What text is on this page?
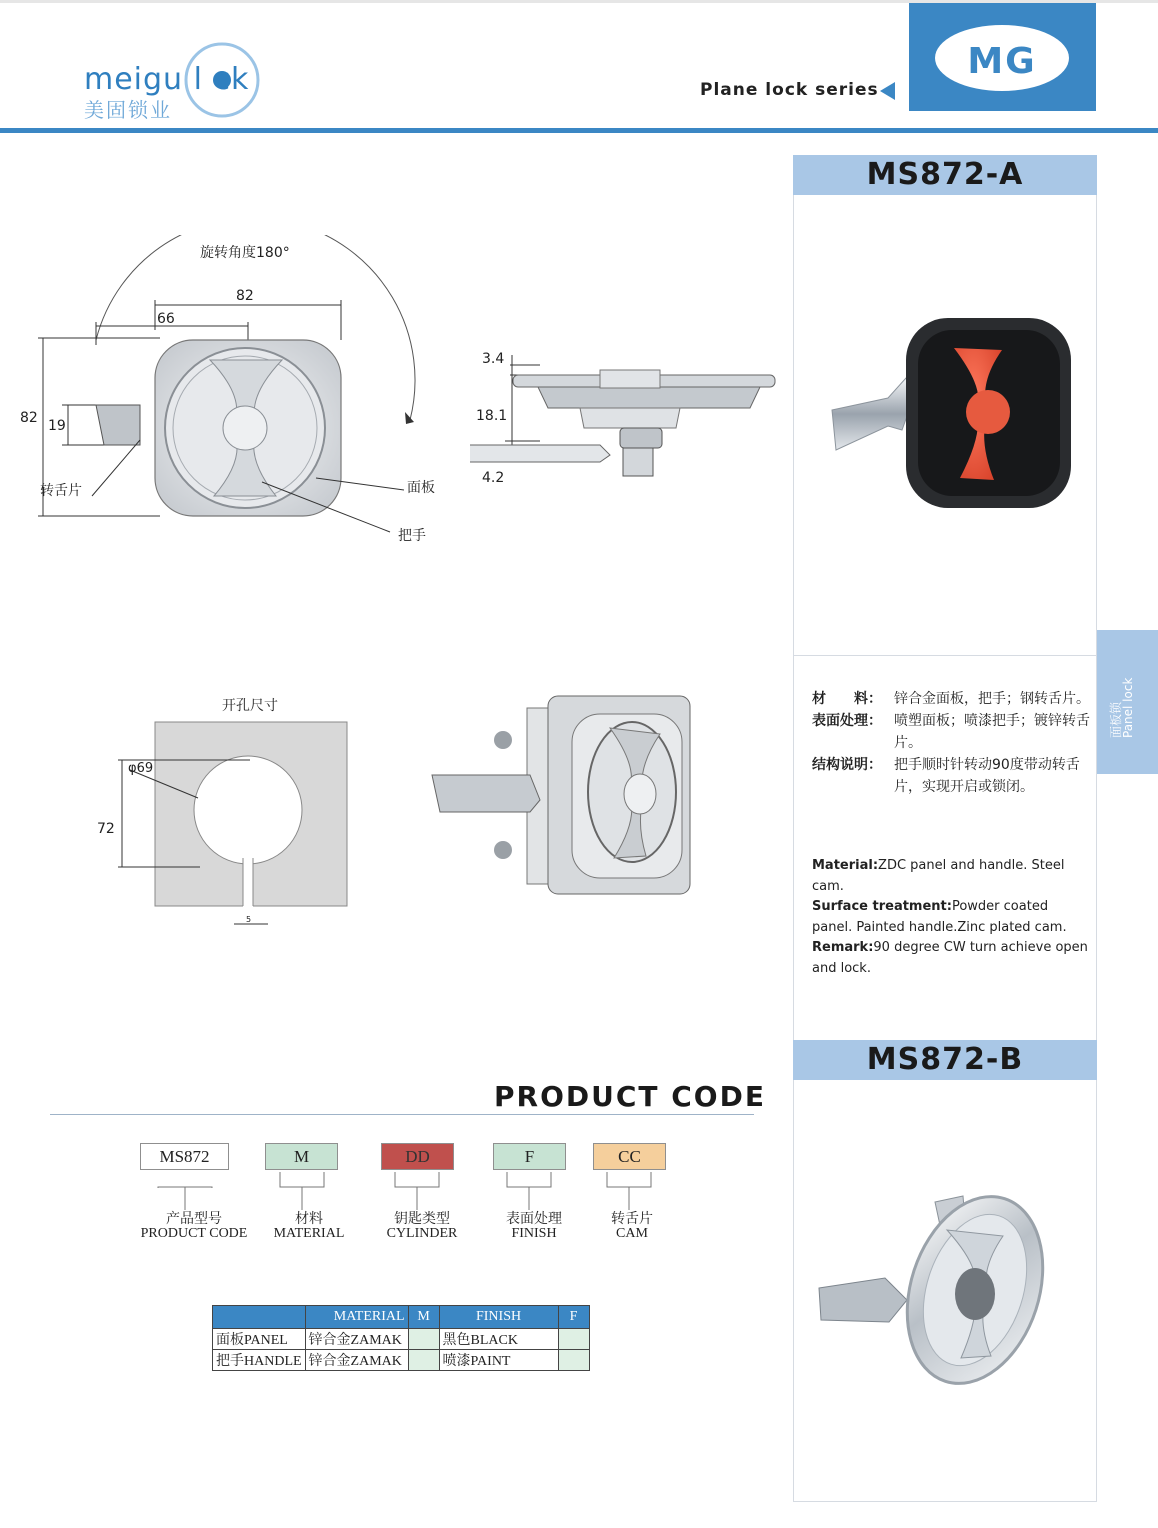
meigu l ck
美固锁业
Plane lock series
MG
MS872-A
面板锁
Panel lock
材　　料： 锌合金面板，把手；钢转舌片。
表面处理： 喷塑面板；喷漆把手；镀锌转舌片。
结构说明： 把手顺时针转动90度带动转舌片，实现开启或锁闭。
Material:ZDC panel and handle. Steel cam.
Surface treatment:Powder coated panel. Painted handle.Zinc plated cam.
Remark:90 degree CW turn achieve open and lock.
MS872-B
旋转角度180°
82
66
82 19
转舌片	面板
把手
3.4
18.1
4.2
开孔尺寸
φ69
72
5
PRODUCT CODE
MS872	M	DD	F	CC
产品型号
PRODUCT CODE
材料
MATERIAL
钥匙类型
CYLINDER
表面处理
FINISH
转舌片
CAM
	MATERIAL	M	FINISH	F
面板PANEL	锌合金ZAMAK		黑色BLACK	
把手HANDLE	锌合金ZAMAK		喷漆PAINT	
